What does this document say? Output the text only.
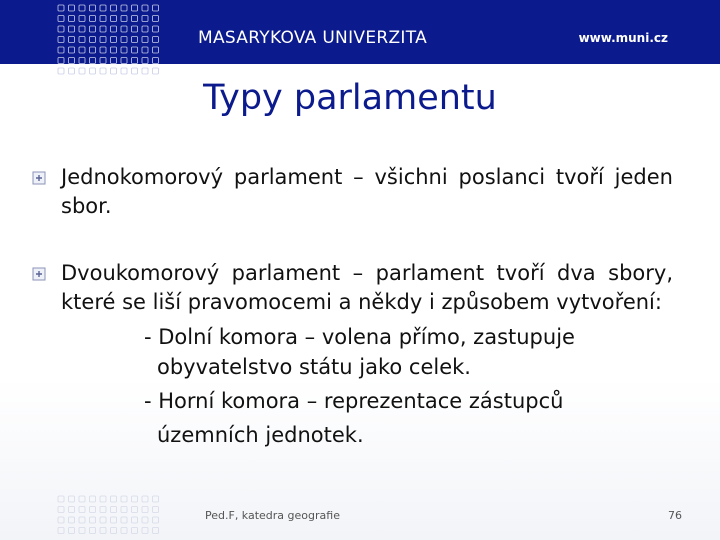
MASARYKOVA UNIVERZITA	www.muni.cz
Typy parlamentu
Jednokomorový parlament – všichni poslanci tvoří jeden sbor.
Dvoukomorový parlament – parlament tvoří dva sbory, které se liší pravomocemi a někdy i způsobem vytvoření:
- Dolní komora – volena přímo, zastupuje
obyvatelstvo státu jako celek.
- Horní komora – reprezentace zástupců
územních jednotek.
Ped.F, katedra geografie	76
